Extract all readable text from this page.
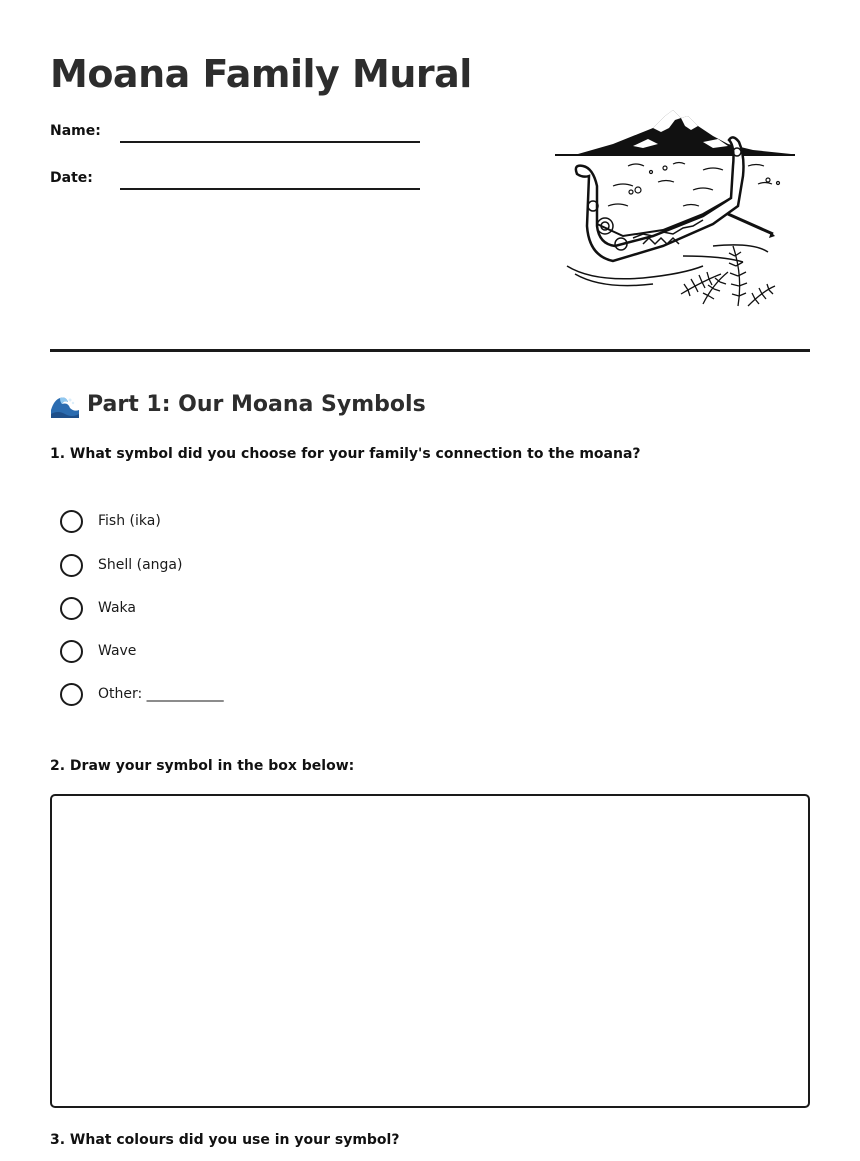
Moana Family Mural
Name:
Date:
Part 1: Our Moana Symbols
1. What symbol did you choose for your family's connection to the moana?
Fish (ika)
Shell (anga)
Waka
Wave
Other: ___________
2. Draw your symbol in the box below:
3. What colours did you use in your symbol?
